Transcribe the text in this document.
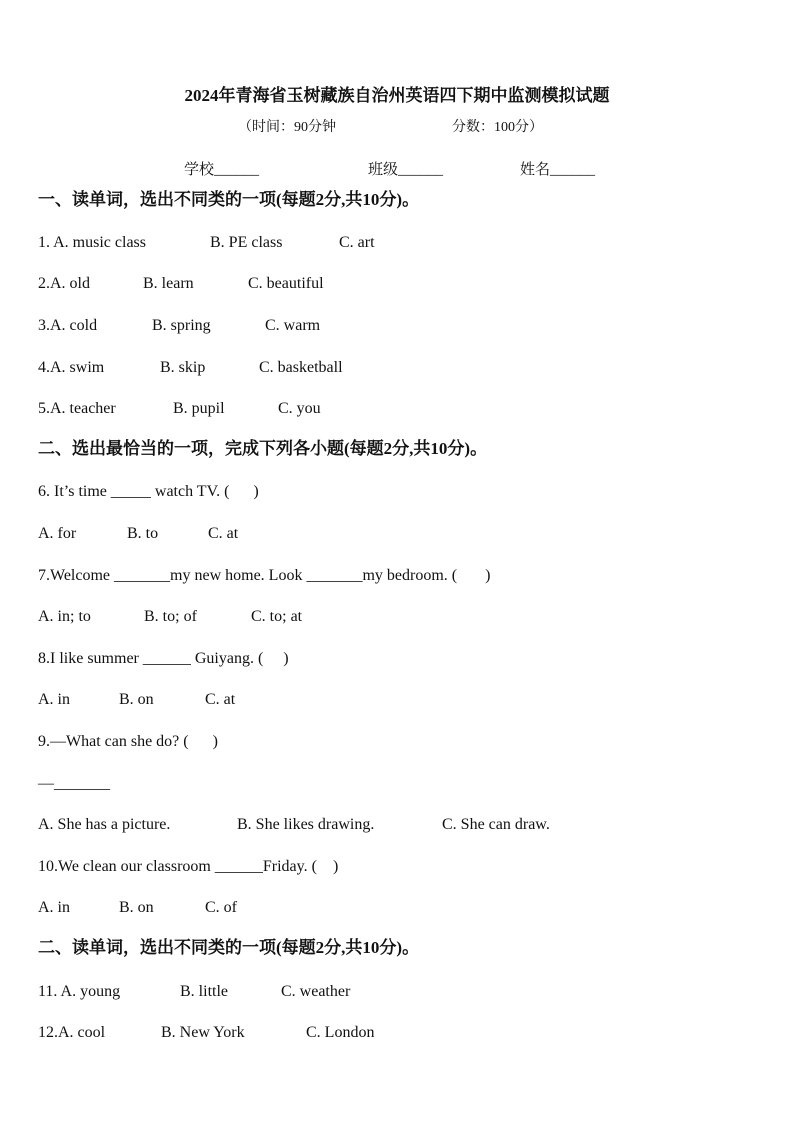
2024年青海省玉树藏族自治州英语四下期中监测模拟试题
（时间：90分钟	分数：100分）
学校______	班级______	姓名______
一、读单词，选出不同类的一项(每题2分,共10分)。
1. A. music class	B. PE class	C. art
2.A. old	B. learn	C. beautiful
3.A. cold	B. spring	C. warm
4.A. swim	B. skip	C. basketball
5.A. teacher	B. pupil	C. you
二、选出最恰当的一项，完成下列各小题(每题2分,共10分)。
6. It’s time _____ watch TV. (      )
A. for	B. to	C. at
7.Welcome _______my new home. Look _______my bedroom. (       )
A. in; to	B. to; of	C. to; at
8.I like summer ______ Guiyang. (     )
A. in	B. on	C. at
9.—What can she do? (      )
—_______
A. She has a picture.	B. She likes drawing.	C. She can draw.
10.We clean our classroom ______Friday. (    )
A. in	B. on	C. of
二、读单词，选出不同类的一项(每题2分,共10分)。
11. A. young	B. little	C. weather
12.A. cool	B. New York	C. London
